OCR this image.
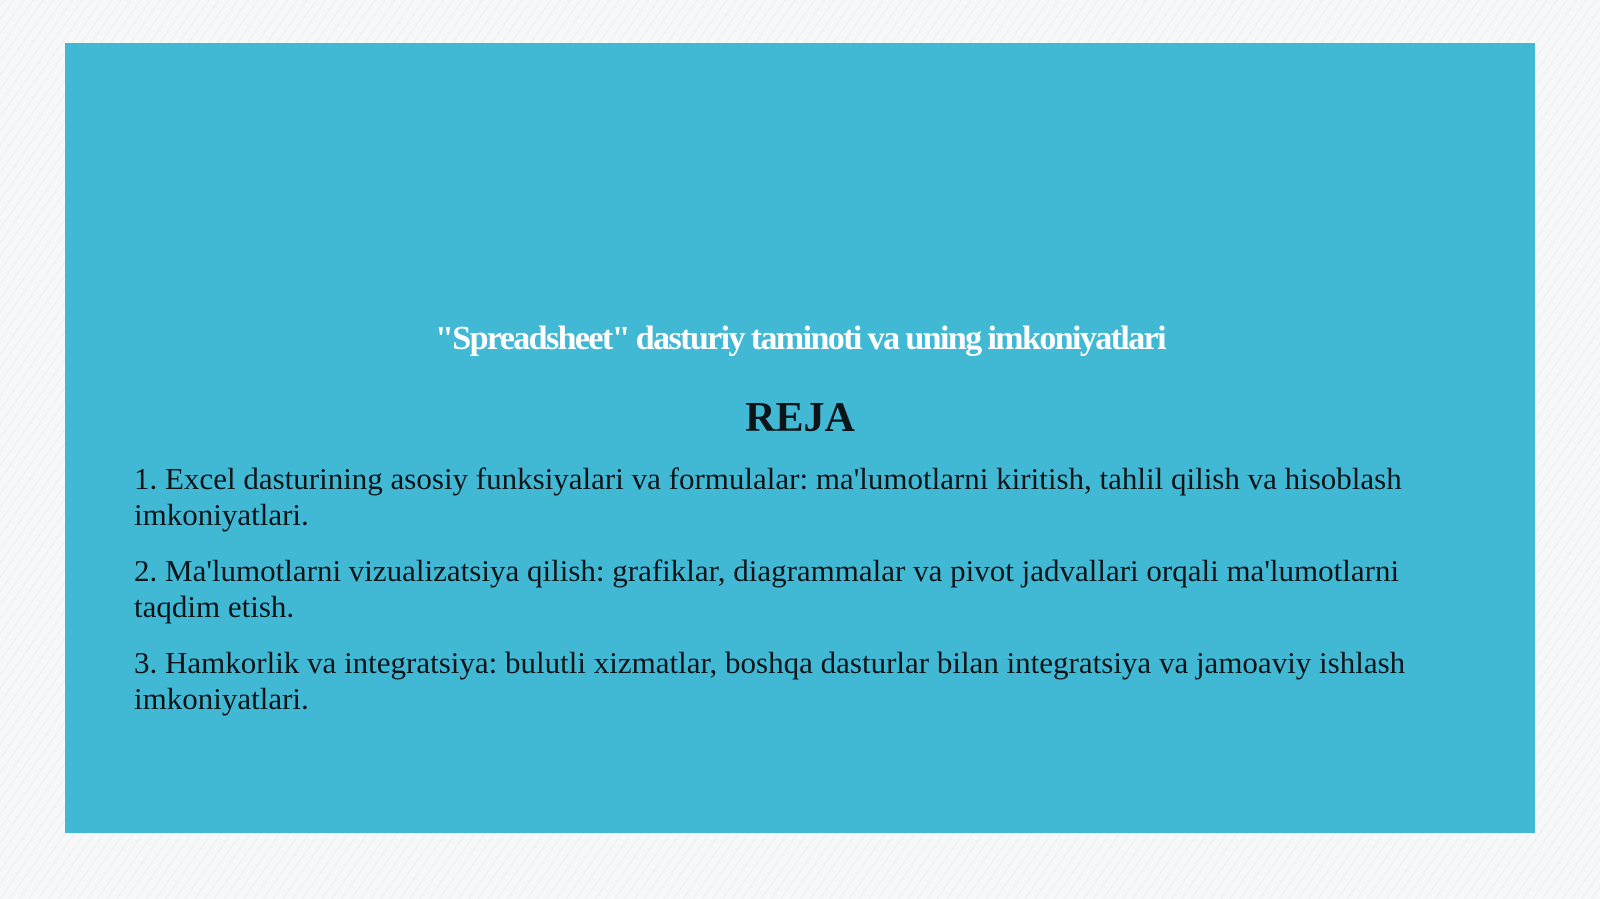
"Spreadsheet" dasturiy taminoti va uning imkoniyatlari
REJA
1. Excel dasturining asosiy funksiyalari va formulalar: ma'lumotlarni kiritish, tahlil qilish va hisoblash imkoniyatlari.
2. Ma'lumotlarni vizualizatsiya qilish: grafiklar, diagrammalar va pivot jadvallari orqali ma'lumotlarni taqdim etish.
3. Hamkorlik va integratsiya: bulutli xizmatlar, boshqa dasturlar bilan integratsiya va jamoaviy ishlash imkoniyatlari.
